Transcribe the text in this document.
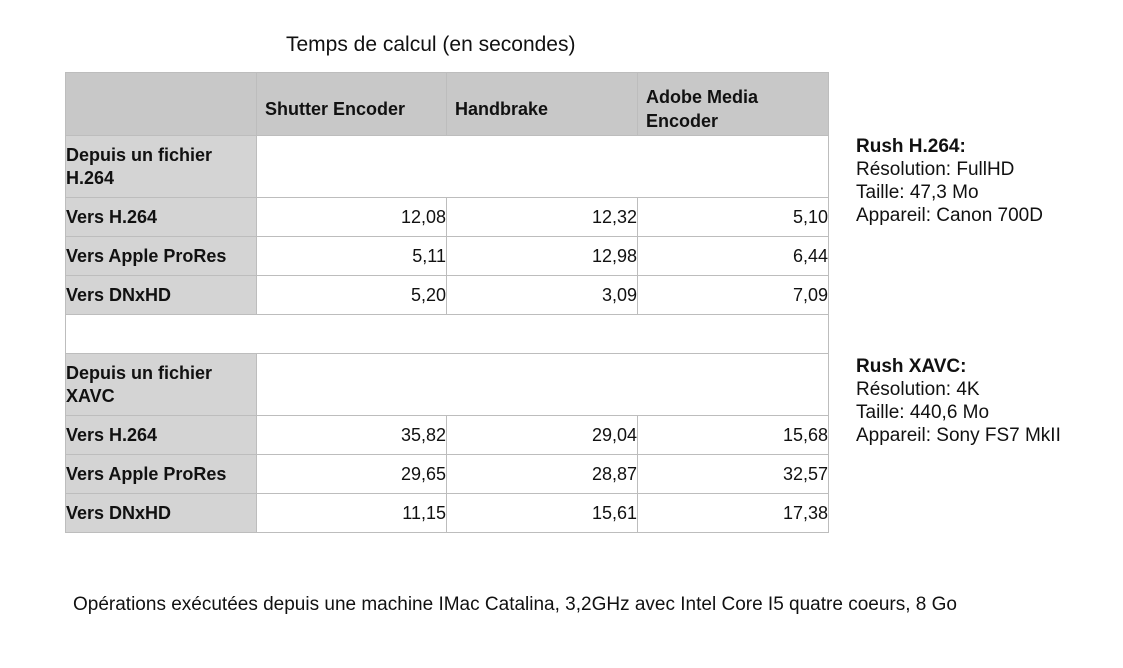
Temps de calcul (en secondes)

	Shutter Encoder	Handbrake	Adobe Media Encoder

Depuis un fichier H.264			
Vers H.264	12,08	12,32	5,10
Vers Apple ProRes	5,11	12,98	6,44
Vers DNxHD	5,20	3,09	7,09

Depuis un fichier XAVC			
Vers H.264	35,82	29,04	15,68
Vers Apple ProRes	29,65	28,87	32,57
Vers DNxHD	11,15	15,61	17,38
Rush H.264:
Résolution: FullHD
Taille: 47,3 Mo
Appareil: Canon 700D
Rush XAVC:
Résolution: 4K
Taille: 440,6 Mo
Appareil: Sony FS7 MkII
Opérations exécutées depuis une machine IMac Catalina, 3,2GHz avec Intel Core I5 quatre coeurs, 8 Go
